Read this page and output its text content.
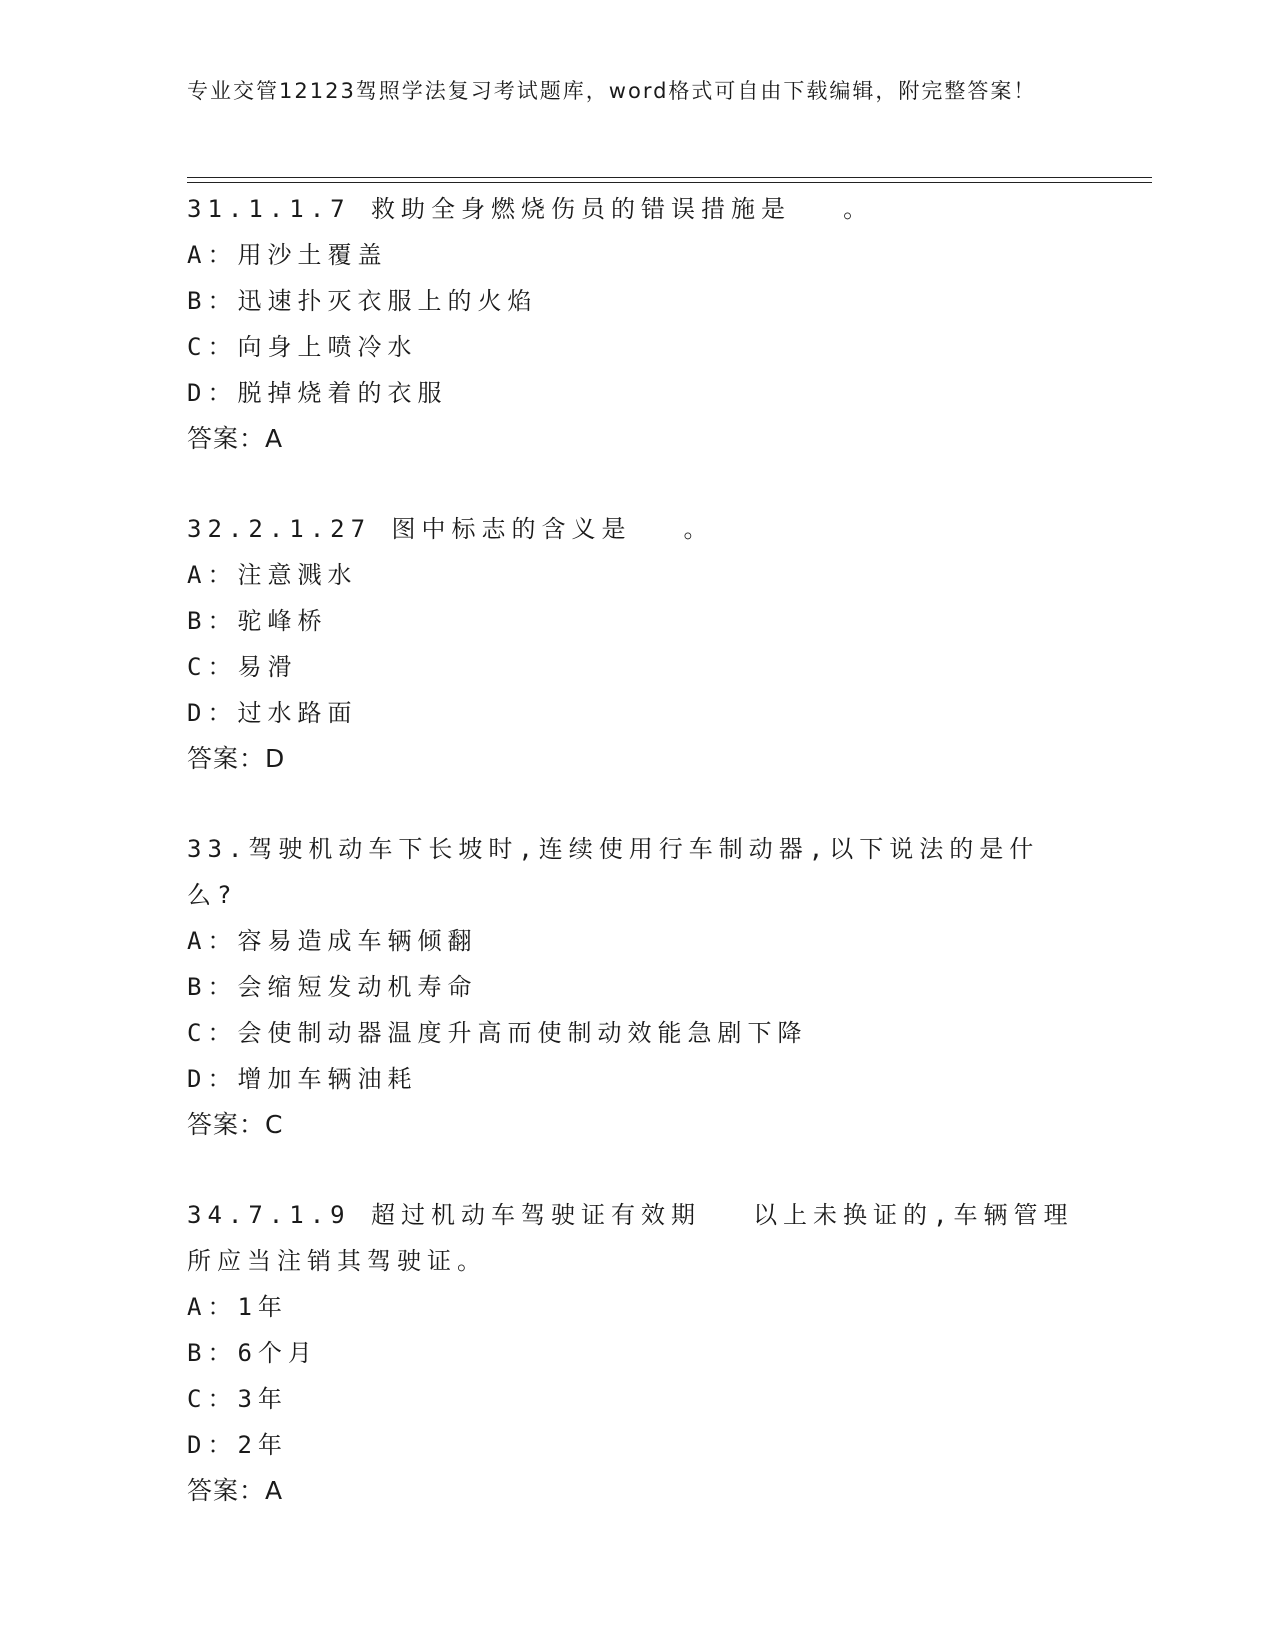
专业交管12123驾照学法复习考试题库，word格式可自由下载编辑，附完整答案！

31.1.1.7 救助全身燃烧伤员的错误措施是 。

A：用沙土覆盖

B：迅速扑灭衣服上的火焰

C：向身上喷冷水

D：脱掉烧着的衣服

答案：A

32.2.1.27 图中标志的含义是 。

A：注意溅水

B：驼峰桥

C：易滑

D：过水路面

答案：D

33.驾驶机动车下长坡时,连续使用行车制动器,以下说法的是什么?

A：容易造成车辆倾翻

B：会缩短发动机寿命

C：会使制动器温度升高而使制动效能急剧下降

D：增加车辆油耗

答案：C

34.7.1.9 超过机动车驾驶证有效期 以上未换证的,车辆管理所应当注销其驾驶证。

A：1年

B：6个月

C：3年

D：2年

答案：A
